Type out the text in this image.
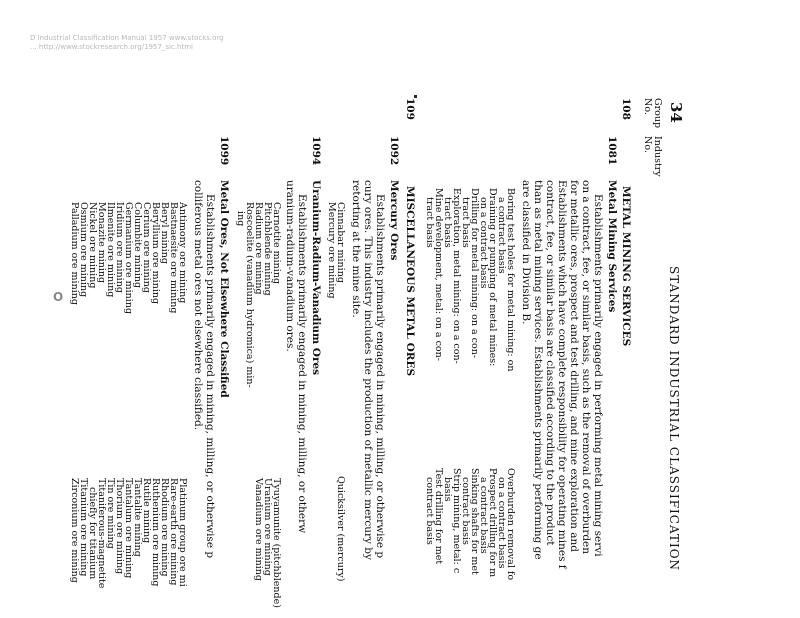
D Industrial Classification Manual 1957 www.stocks.org
... http://www.stockresearch.org/1957_sic.html
O
34
STANDARD INDUSTRIAL CLASSIFICATION
Group
No.
Industry
No.
108
METAL MINING SERVICES
1081
Metal Mining Services
Establishments primarily engaged in performing metal mining servi
on a contract, fee, or similar basis, such as the removal of overburden
for metallic ores, prospect and test drilling, and mine exploration and
Establishments which have complete responsibility for operating mines f
contract, fee, or similar basis are classified according to the product
than as metal mining services. Establishments primarily performing ge
are classified in Division B.
Boring test holes for metal mining: on
a contract basis
Draining or pumping of metal mines:
on a contract basis
Drilling for metal mining: on a con-
tract basis
Exploration, metal mining: on a con-
tract basis
Mine development, metal: on a con-
tract basis
Overburden removal fo
on a contract basis
Prospect drilling for m
a contract basis
Sinking shafts for met
contract basis
Strip mining, metal: c
basis
Test drilling for met
contract basis
109
MISCELLANEOUS METAL ORES
1092
Mercury Ores
Establishments primarily engaged in mining, milling, or otherwise p
cury ores. This industry includes the production of metallic mercury by
retorting at the mine site.
Cinnabar mining
Mercury ore mining
Quicksilver (mercury)
1094
Uranium-Radium-Vanadium Ores
Establishments primarily engaged in mining, milling, or otherw
uranium-radium-vanadium ores.
Carnotite mining
Pitchblende mining
Radium ore mining
Roscoelite (vanadium hydromica) min-
ing
Tyuyamunite (pitchblende)
Uranium ore mining
Vanadium ore mining
1099
Metal Ores, Not Elsewhere Classified
Establishments primarily engaged in mining, milling, or otherwise p
colliferous metal ores not elsewhere classified.
Antimony ore mining
Bastnaesite ore mining
Beryl mining
Beryllium ore mining
Cerium ore mining
Columbite mining
Germanium ore mining
Iridium ore mining
Ilmenite ore mining
Monazite mining
Nickel ore mining
Osmium ore mining
Palladium ore mining
Platinum group ore mi
Rare-earth ore mining
Rhodium ore mining
Ruthenium ore mining
Rutile mining
Tantalite mining
Tantalum ore mining
Thorium ore mining
Tin ore mining
Titaniferous-magnetite
chiefly for titanium
Titanium ore mining
Zirconium ore mining
